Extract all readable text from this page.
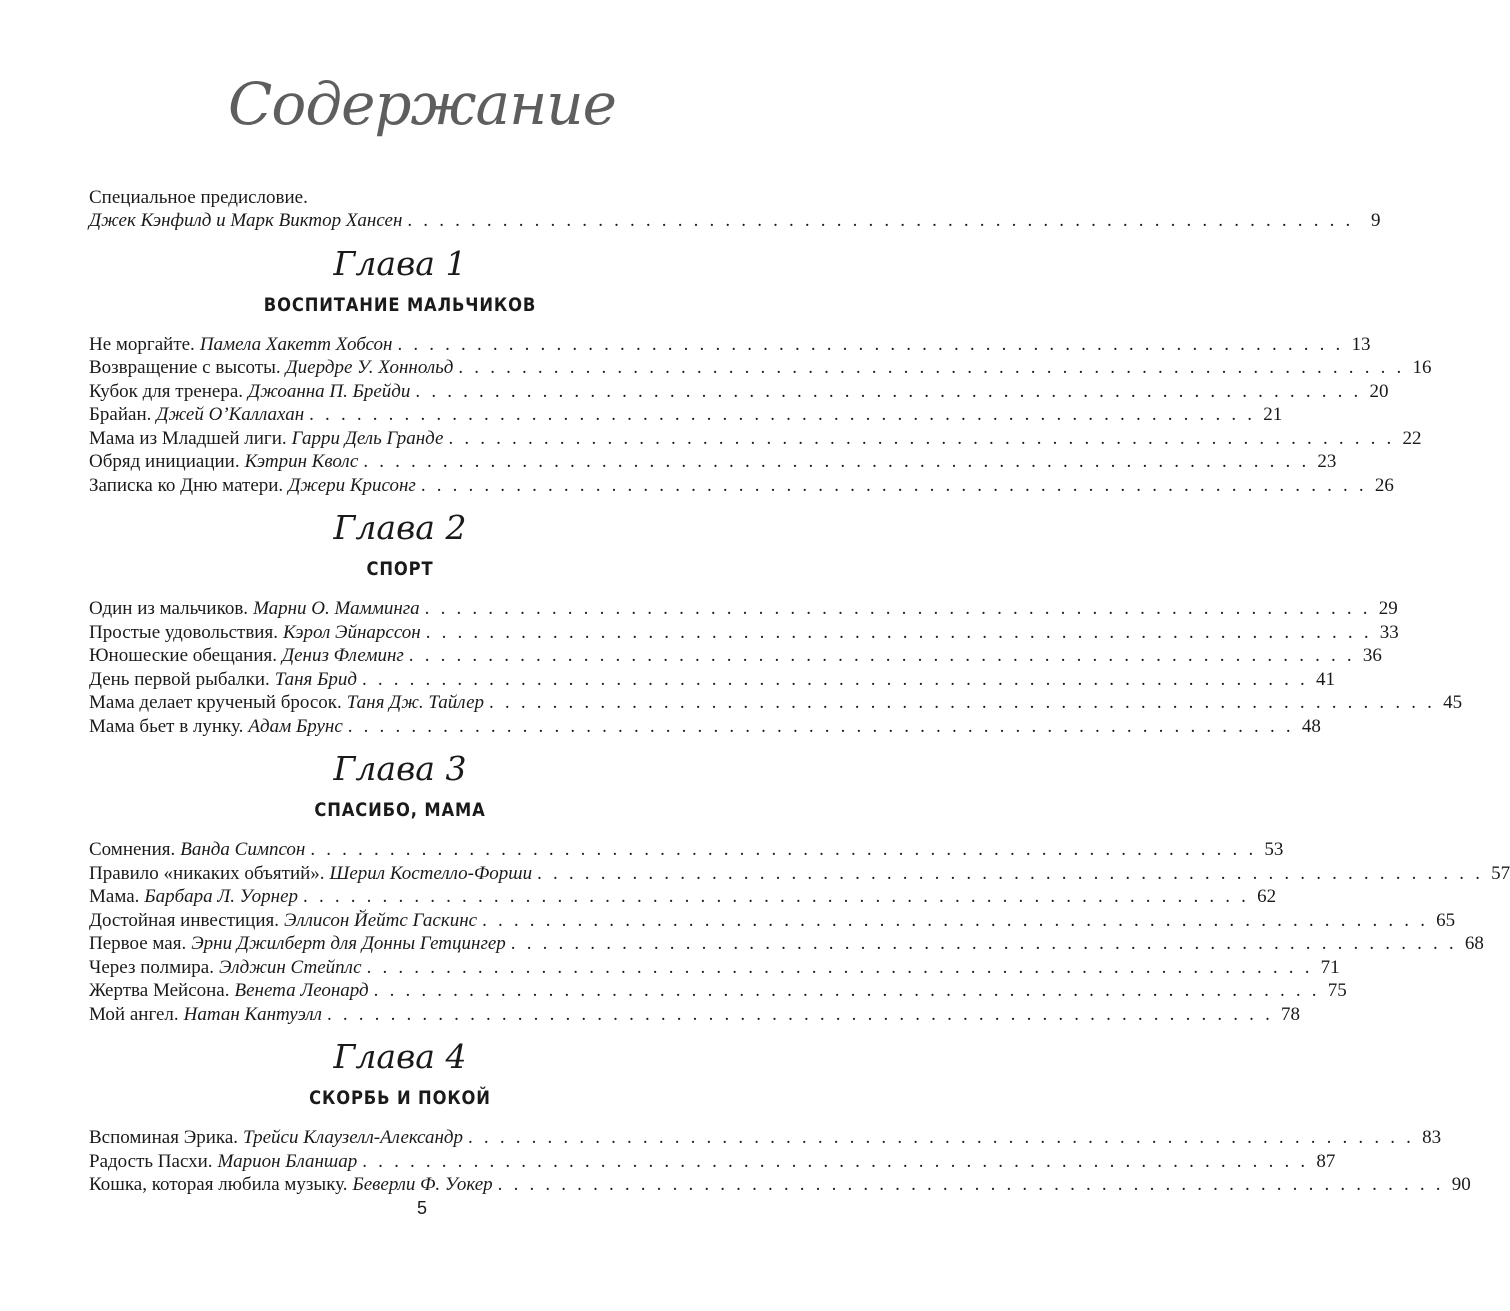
Содержание
Специальное предисловие.
Джек Кэнфилд и Марк Виктор Хансен . . . . . . . . . . . . . . . . . . . . . . . . . . . . . . . . . . . . . . . . . . . . . . . . . . . . . . . . . . . . 9
Глава 1
ВОСПИТАНИЕ МАЛЬЧИКОВ
Не моргайте. Памела Хакетт Хобсон . . . . . . . . . . . . . . . . . . . . . . . . . . . . . . . . . . . . . . . . . . . . . . . . . . . . . . . . . . . . 13
Возвращение с высоты. Диердре У. Хоннольд . . . . . . . . . . . . . . . . . . . . . . . . . . . . . . . . . . . . . . . . . . . . . . . . . . . . . . . . . . . . 16
Кубок для тренера. Джоанна П. Брейди . . . . . . . . . . . . . . . . . . . . . . . . . . . . . . . . . . . . . . . . . . . . . . . . . . . . . . . . . . . . 20
Брайан. Джей О’Каллахан . . . . . . . . . . . . . . . . . . . . . . . . . . . . . . . . . . . . . . . . . . . . . . . . . . . . . . . . . . . . 21
Мама из Младшей лиги. Гарри Дель Гранде . . . . . . . . . . . . . . . . . . . . . . . . . . . . . . . . . . . . . . . . . . . . . . . . . . . . . . . . . . . . 22
Обряд инициации. Кэтрин Кволс . . . . . . . . . . . . . . . . . . . . . . . . . . . . . . . . . . . . . . . . . . . . . . . . . . . . . . . . . . . . 23
Записка ко Дню матери. Джери Крисонг . . . . . . . . . . . . . . . . . . . . . . . . . . . . . . . . . . . . . . . . . . . . . . . . . . . . . . . . . . . . 26
Глава 2
СПОРТ
Один из мальчиков. Марни О. Мамминга . . . . . . . . . . . . . . . . . . . . . . . . . . . . . . . . . . . . . . . . . . . . . . . . . . . . . . . . . . . . 29
Простые удовольствия. Кэрол Эйнарссон . . . . . . . . . . . . . . . . . . . . . . . . . . . . . . . . . . . . . . . . . . . . . . . . . . . . . . . . . . . . 33
Юношеские обещания. Дениз Флеминг . . . . . . . . . . . . . . . . . . . . . . . . . . . . . . . . . . . . . . . . . . . . . . . . . . . . . . . . . . . . 36
День первой рыбалки. Таня Брид . . . . . . . . . . . . . . . . . . . . . . . . . . . . . . . . . . . . . . . . . . . . . . . . . . . . . . . . . . . . 41
Мама делает крученый бросок. Таня Дж. Тайлер . . . . . . . . . . . . . . . . . . . . . . . . . . . . . . . . . . . . . . . . . . . . . . . . . . . . . . . . . . . . 45
Мама бьет в лунку. Адам Брунс . . . . . . . . . . . . . . . . . . . . . . . . . . . . . . . . . . . . . . . . . . . . . . . . . . . . . . . . . . . . 48
Глава 3
СПАСИБО, МАМА
Сомнения. Ванда Симпсон . . . . . . . . . . . . . . . . . . . . . . . . . . . . . . . . . . . . . . . . . . . . . . . . . . . . . . . . . . . . 53
Правило «никаких объятий». Шерил Костелло-Форши . . . . . . . . . . . . . . . . . . . . . . . . . . . . . . . . . . . . . . . . . . . . . . . . . . . . . . . . . . . . 57
Мама. Барбара Л. Уорнер . . . . . . . . . . . . . . . . . . . . . . . . . . . . . . . . . . . . . . . . . . . . . . . . . . . . . . . . . . . . 62
Достойная инвестиция. Эллисон Йейтс Гаскинс . . . . . . . . . . . . . . . . . . . . . . . . . . . . . . . . . . . . . . . . . . . . . . . . . . . . . . . . . . . . 65
Первое мая. Эрни Джилберт для Донны Гетцингер . . . . . . . . . . . . . . . . . . . . . . . . . . . . . . . . . . . . . . . . . . . . . . . . . . . . . . . . . . . . 68
Через полмира. Элджин Стейплс . . . . . . . . . . . . . . . . . . . . . . . . . . . . . . . . . . . . . . . . . . . . . . . . . . . . . . . . . . . . 71
Жертва Мейсона. Венета Леонард . . . . . . . . . . . . . . . . . . . . . . . . . . . . . . . . . . . . . . . . . . . . . . . . . . . . . . . . . . . . 75
Мой ангел. Натан Кантуэлл . . . . . . . . . . . . . . . . . . . . . . . . . . . . . . . . . . . . . . . . . . . . . . . . . . . . . . . . . . . . 78
Глава 4
СКОРБЬ И ПОКОЙ
Вспоминая Эрика. Трейси Клаузелл-Александр . . . . . . . . . . . . . . . . . . . . . . . . . . . . . . . . . . . . . . . . . . . . . . . . . . . . . . . . . . . . 83
Радость Пасхи. Марион Бланшар . . . . . . . . . . . . . . . . . . . . . . . . . . . . . . . . . . . . . . . . . . . . . . . . . . . . . . . . . . . . 87
Кошка, которая любила музыку. Беверли Ф. Уокер . . . . . . . . . . . . . . . . . . . . . . . . . . . . . . . . . . . . . . . . . . . . . . . . . . . . . . . . . . . . 90
5
